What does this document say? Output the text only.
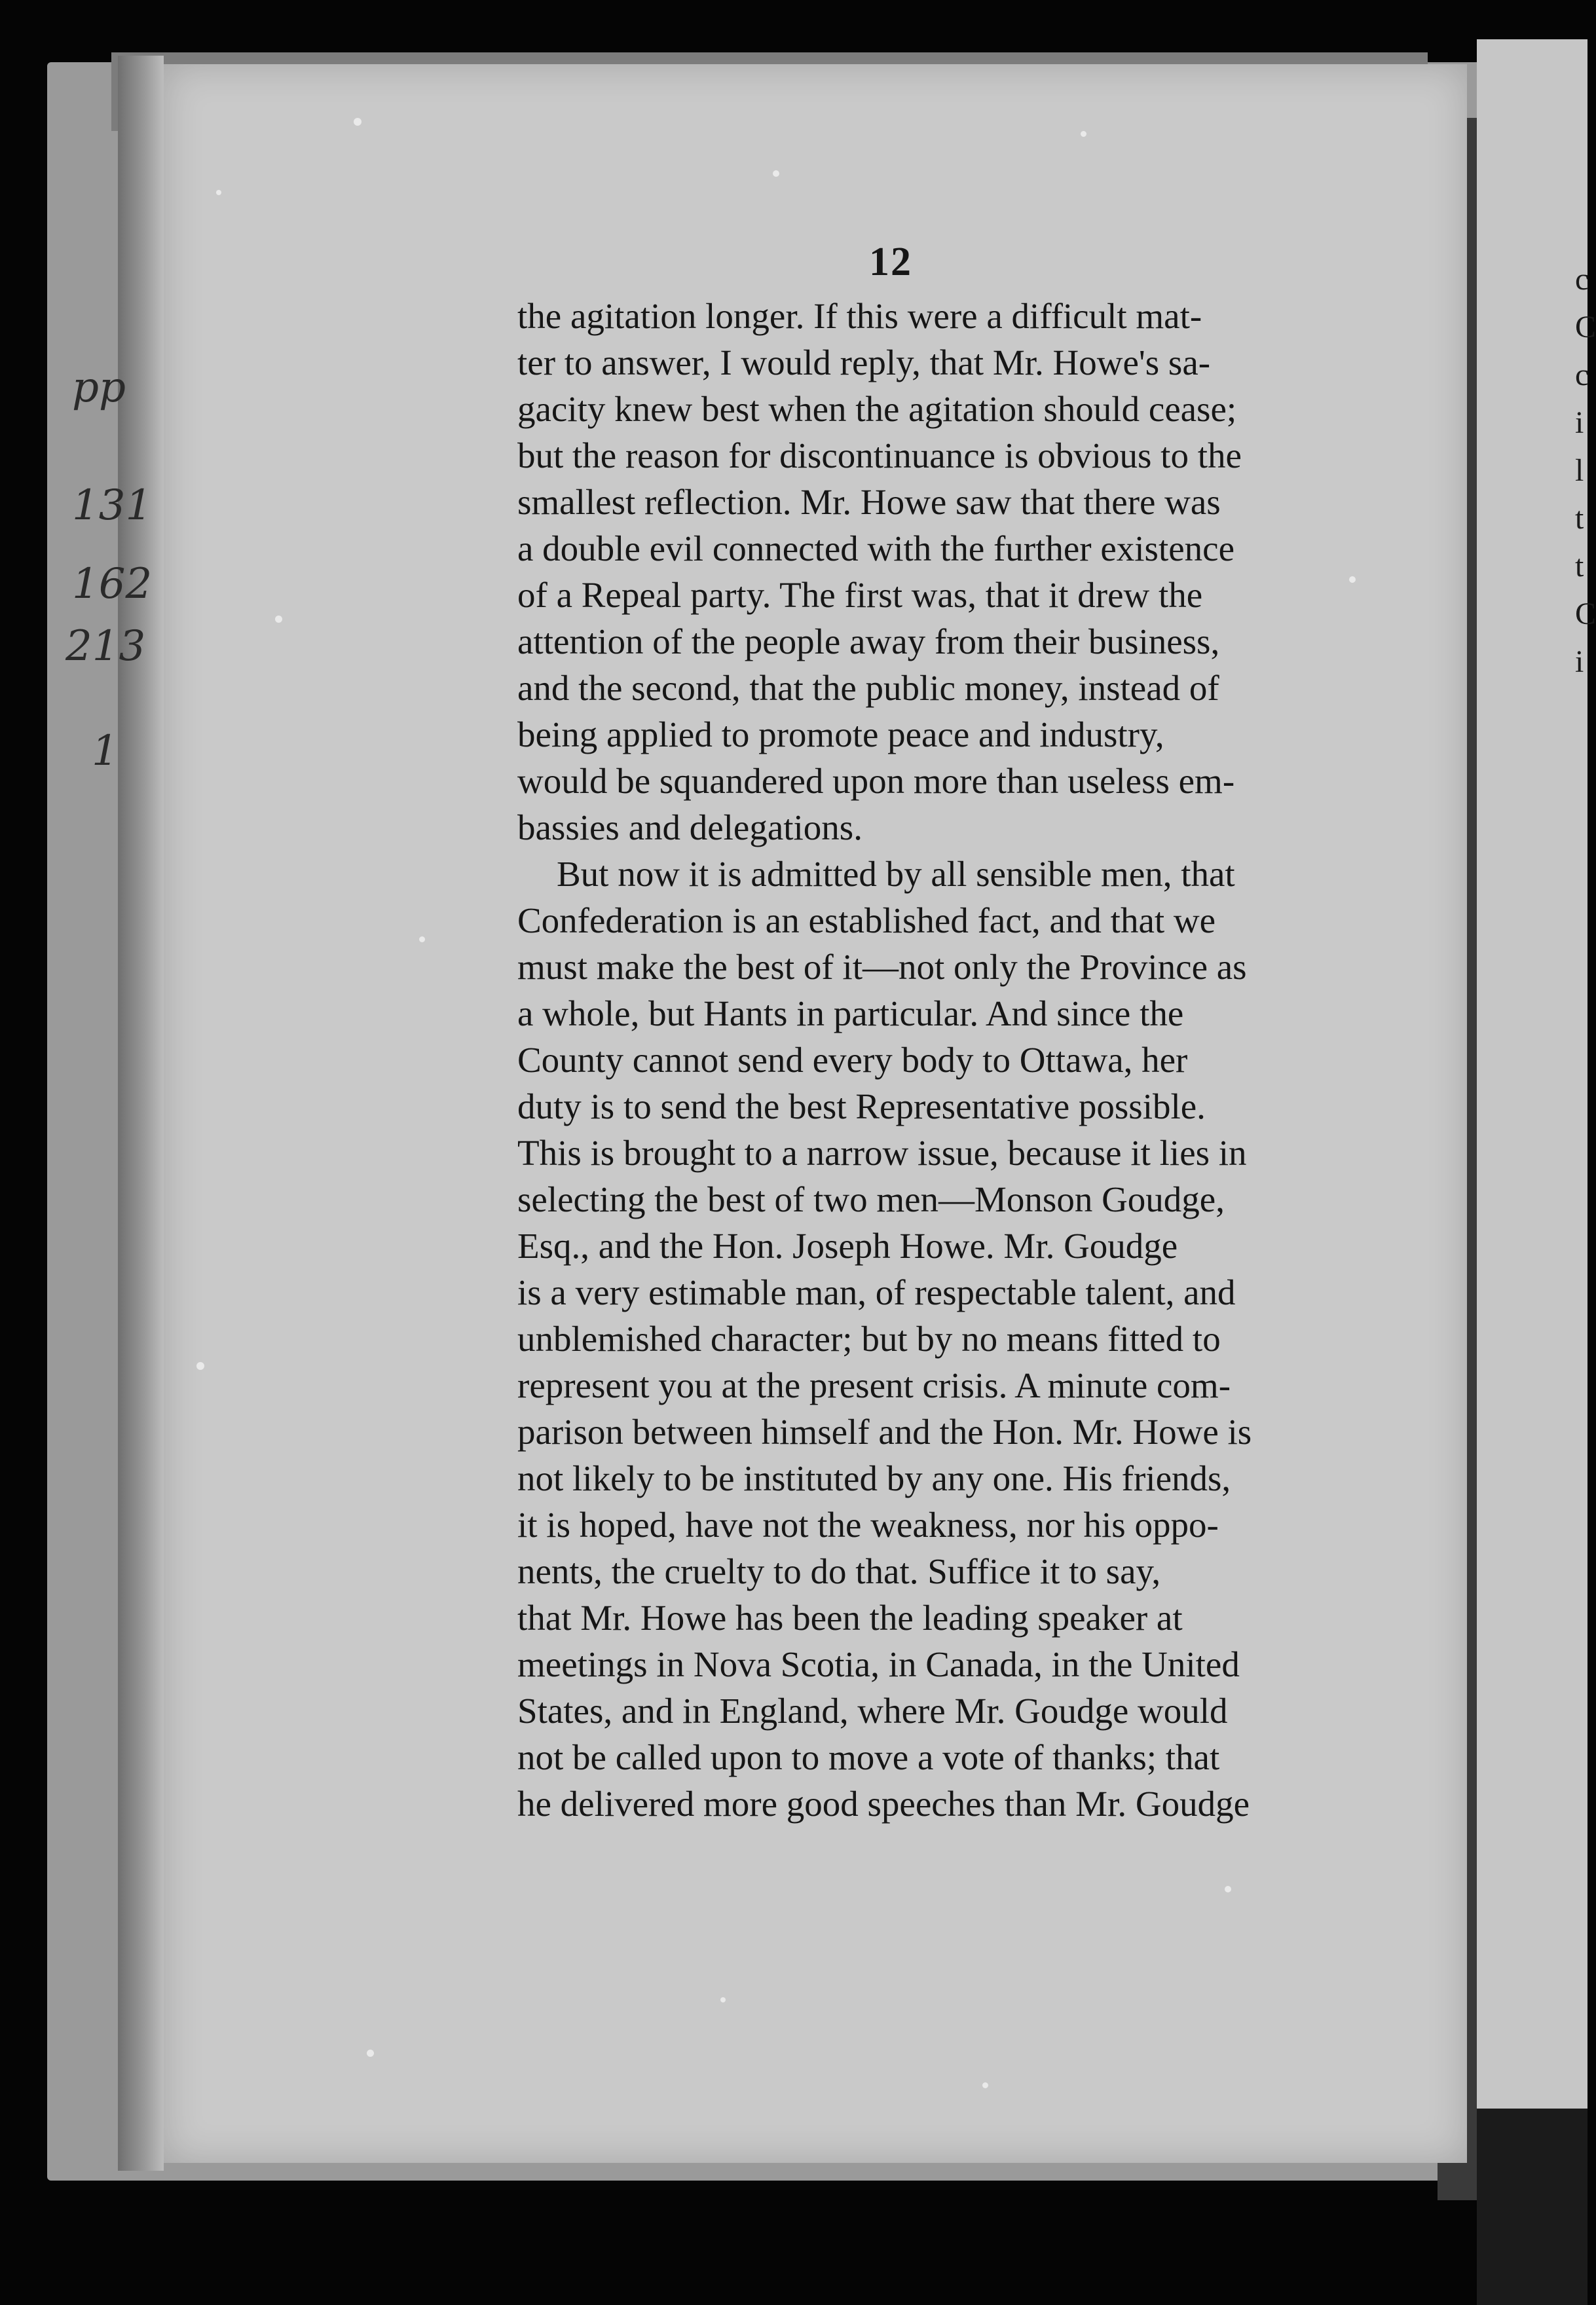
pp
131
162
213
1
12
the agitation longer. If this were a difficult mat-
ter to answer, I would reply, that Mr. Howe's sa-
gacity knew best when the agitation should cease;
but the reason for discontinuance is obvious to the
smallest reflection. Mr. Howe saw that there was
a double evil connected with the further existence
of a Repeal party. The first was, that it drew the
attention of the people away from their business,
and the second, that the public money, instead of
being applied to promote peace and industry,
would be squandered upon more than useless em-
bassies and delegations.
But now it is admitted by all sensible men, that
Confederation is an established fact, and that we
must make the best of it—not only the Province as
a whole, but Hants in particular. And since the
County cannot send every body to Ottawa, her
duty is to send the best Representative possible.
This is brought to a narrow issue, because it lies in
selecting the best of two men—Monson Goudge,
Esq., and the Hon. Joseph Howe. Mr. Goudge
is a very estimable man, of respectable talent, and
unblemished character; but by no means fitted to
represent you at the present crisis. A minute com-
parison between himself and the Hon. Mr. Howe is
not likely to be instituted by any one. His friends,
it is hoped, have not the weakness, nor his oppo-
nents, the cruelty to do that. Suffice it to say,
that Mr. Howe has been the leading speaker at
meetings in Nova Scotia, in Canada, in the United
States, and in England, where Mr. Goudge would
not be called upon to move a vote of thanks; that
he delivered more good speeches than Mr. Goudge
c
C
c
i
l
t
t
C
i
